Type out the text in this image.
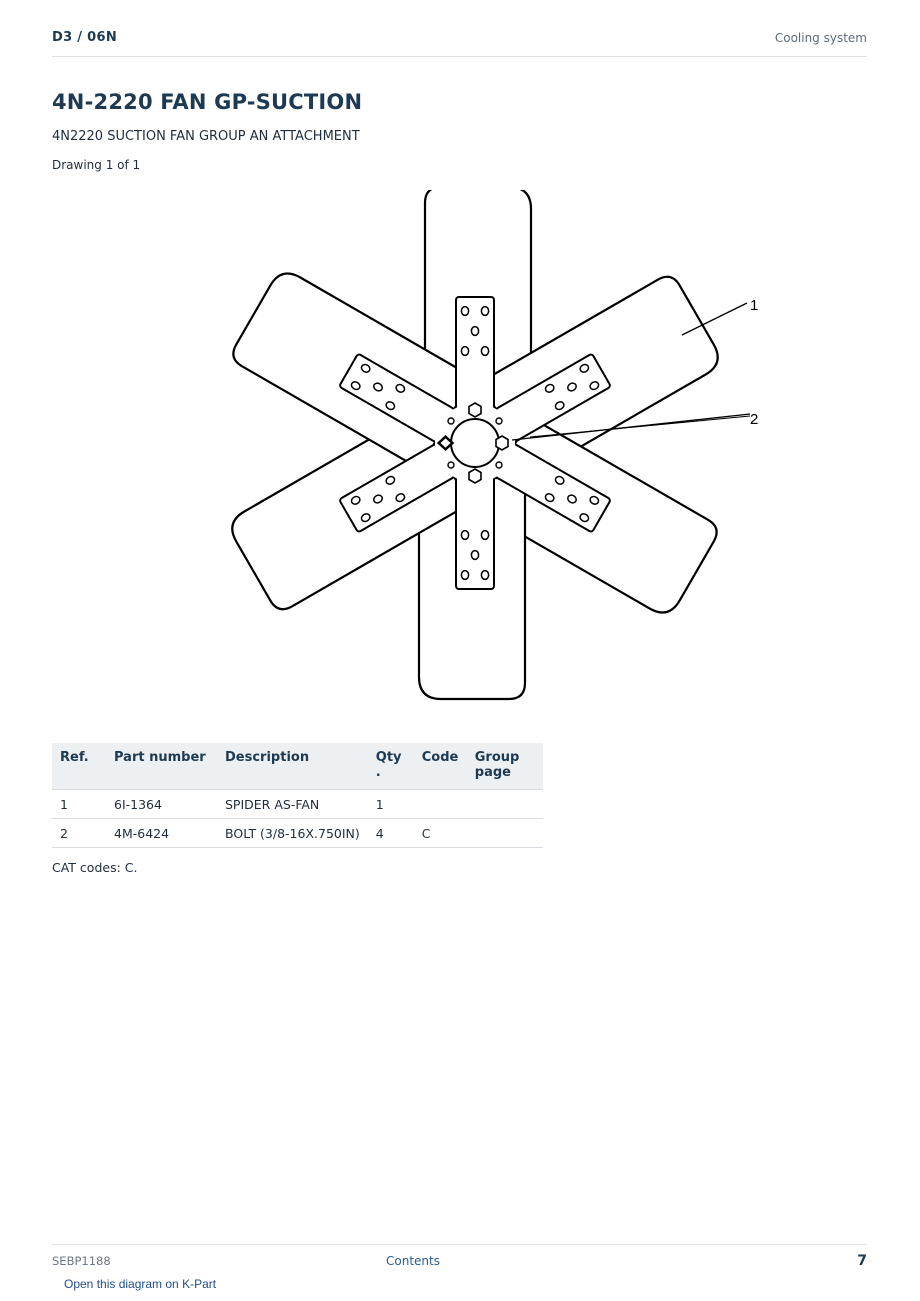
D3 / 06N	Cooling system
4N-2220 FAN GP-SUCTION
4N2220 SUCTION FAN GROUP AN ATTACHMENT
Drawing 1 of 1
1
2
Ref.	Part number	Description	Qty .	Code	Group page
1	6I-1364	SPIDER AS-FAN	1		
2	4M-6424	BOLT (3/8-16X.750IN)	4	C	
CAT codes: C.
SEBP1188	Contents	7
Open this diagram on K-Part
